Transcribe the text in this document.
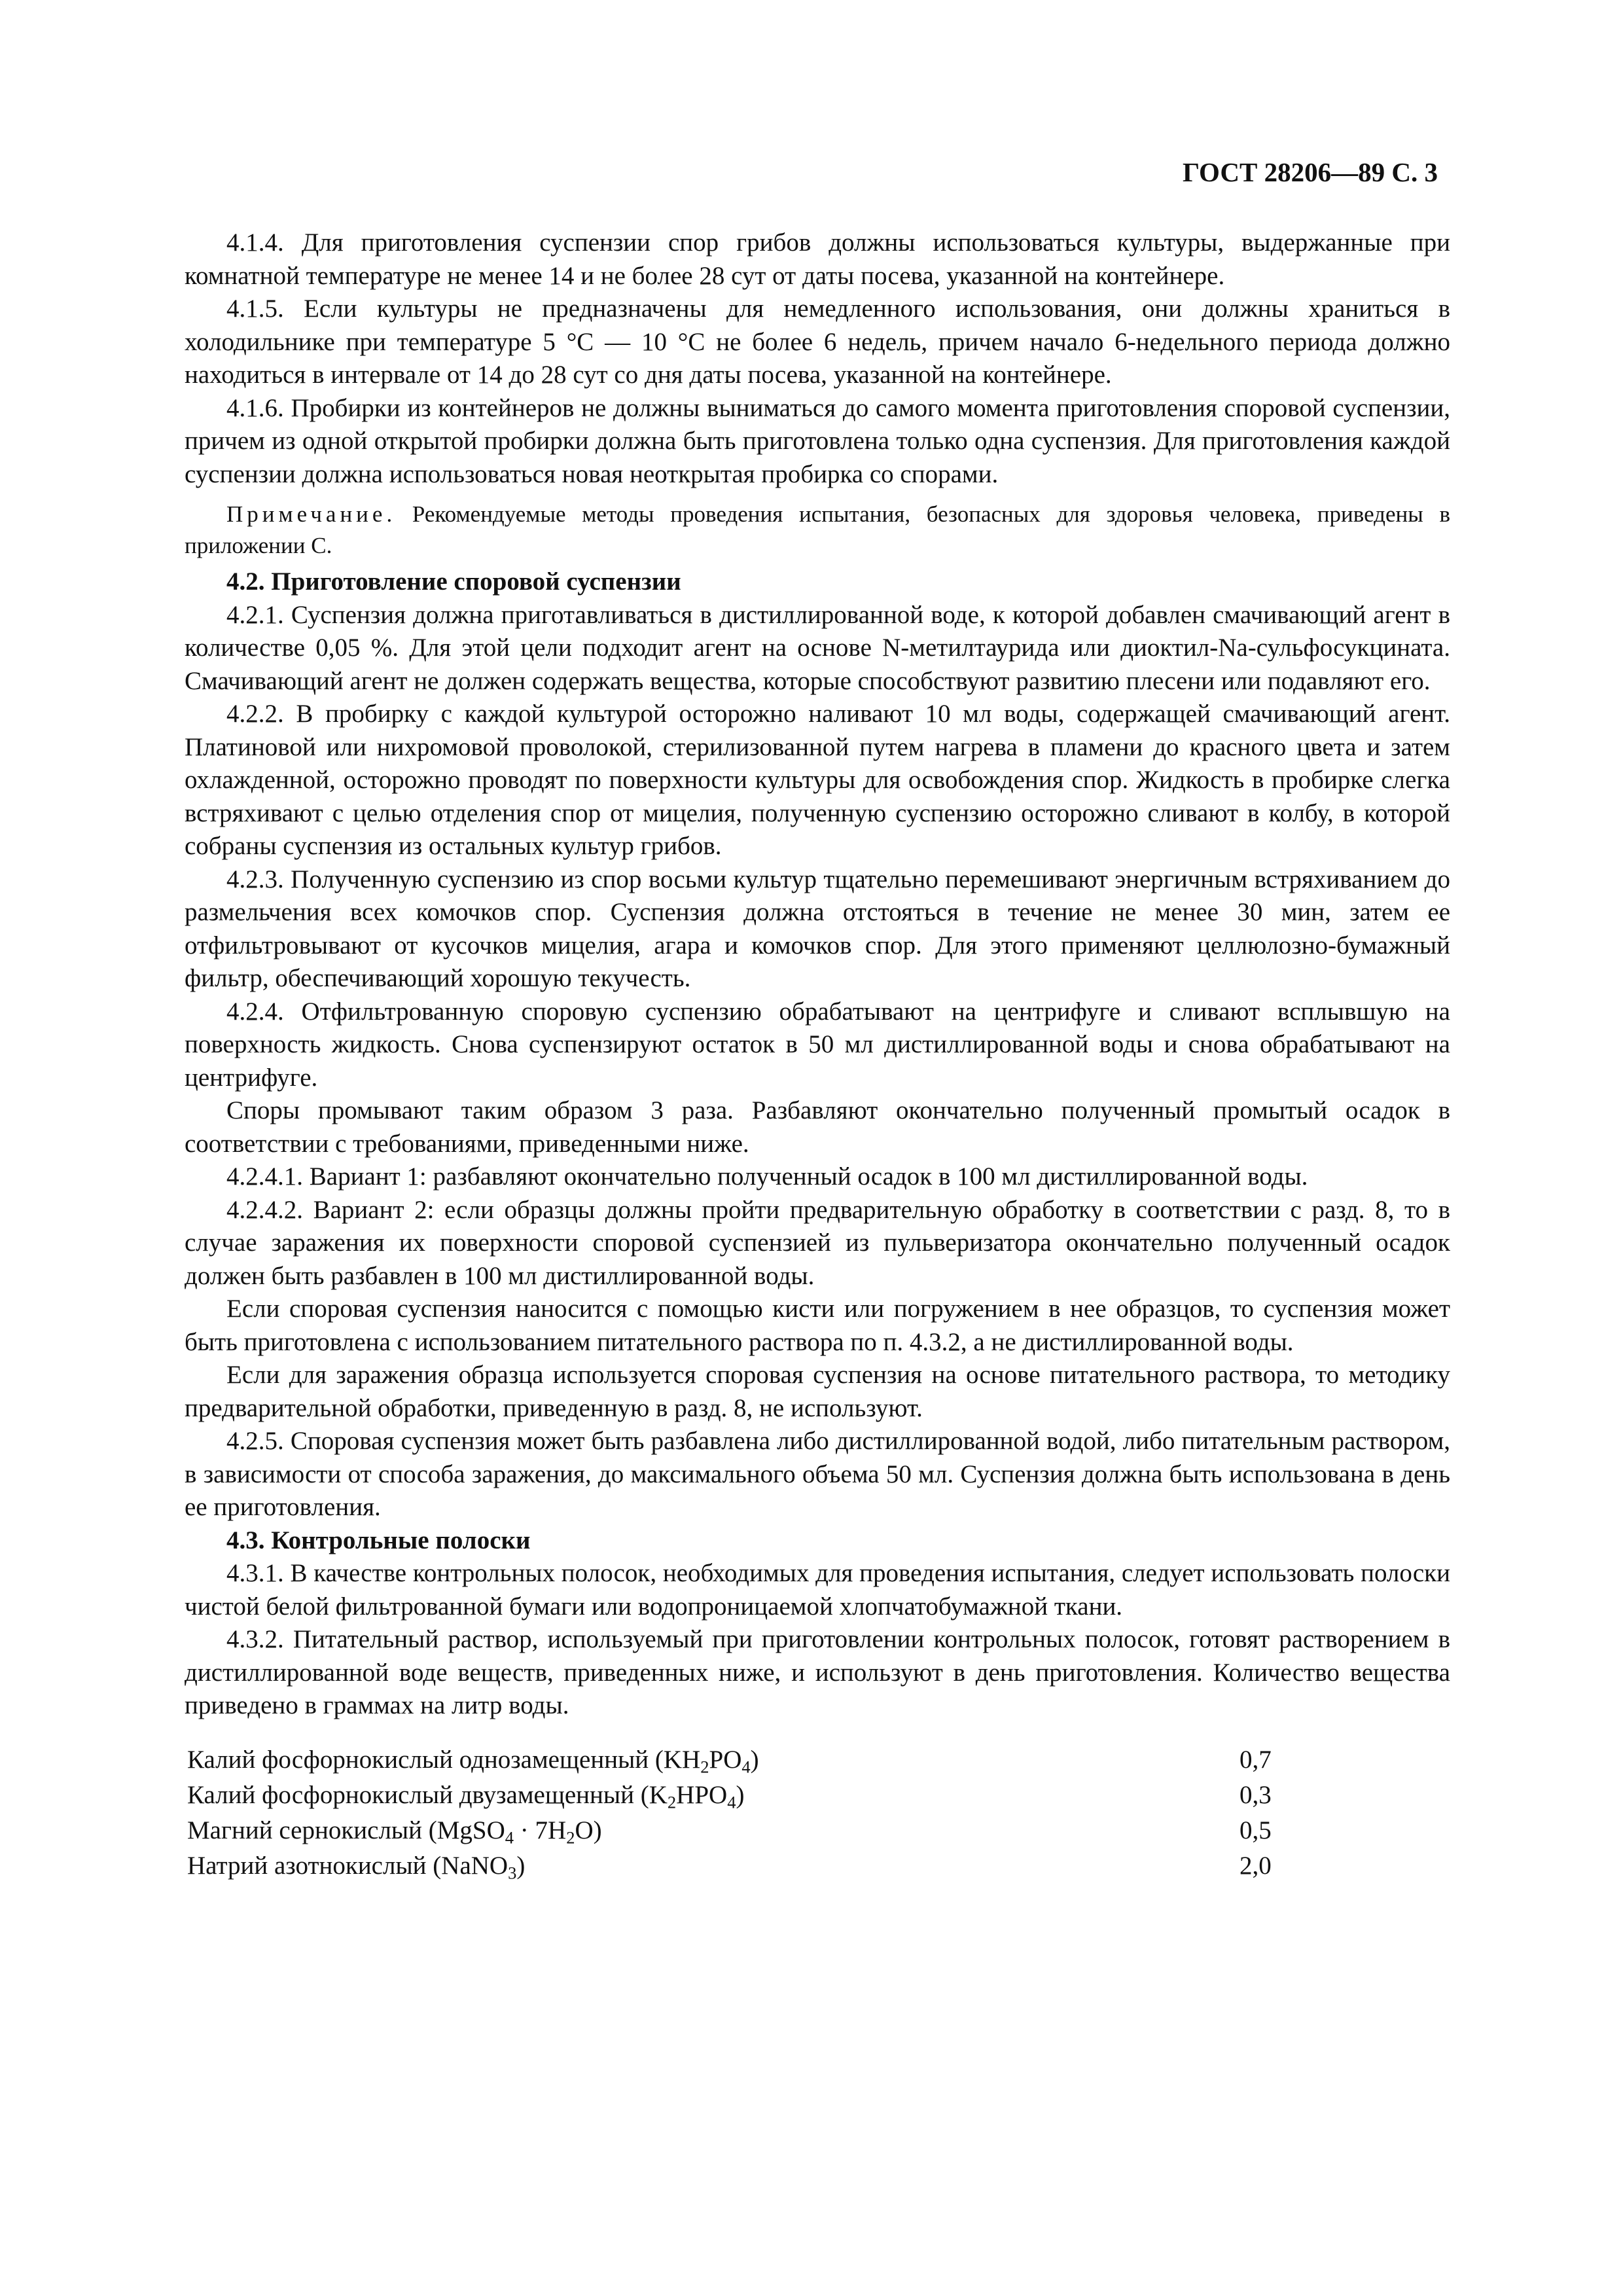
ГОСТ 28206—89 С. 3

4.1.4. Для приготовления суспензии спор грибов должны использоваться культуры, выдержанные при комнатной температуре не менее 14 и не более 28 сут от даты посева, указанной на контейнере.

4.1.5. Если культуры не предназначены для немедленного использования, они должны храниться в холодильнике при температуре 5 °С — 10 °С не более 6 недель, причем начало 6-недельного периода должно находиться в интервале от 14 до 28 сут со дня даты посева, указанной на контейнере.

4.1.6. Пробирки из контейнеров не должны выниматься до самого момента приготовления споровой суспензии, причем из одной открытой пробирки должна быть приготовлена только одна суспензия. Для приготовления каждой суспензии должна использоваться новая неоткрытая пробирка со спорами.

Примечание. Рекомендуемые методы проведения испытания, безопасных для здоровья человека, приведены в приложении С.

4.2. Приготовление споровой суспензии

4.2.1. Суспензия должна приготавливаться в дистиллированной воде, к которой добавлен смачивающий агент в количестве 0,05 %. Для этой цели подходит агент на основе N-метилтаурида или диоктил-Na-сульфосукцината. Смачивающий агент не должен содержать вещества, которые способствуют развитию плесени или подавляют его.

4.2.2. В пробирку с каждой культурой осторожно наливают 10 мл воды, содержащей смачивающий агент. Платиновой или нихромовой проволокой, стерилизованной путем нагрева в пламени до красного цвета и затем охлажденной, осторожно проводят по поверхности культуры для освобождения спор. Жидкость в пробирке слегка встряхивают с целью отделения спор от мицелия, полученную суспензию осторожно сливают в колбу, в которой собраны суспензия из остальных культур грибов.

4.2.3. Полученную суспензию из спор восьми культур тщательно перемешивают энергичным встряхиванием до размельчения всех комочков спор. Суспензия должна отстояться в течение не менее 30 мин, затем ее отфильтровывают от кусочков мицелия, агара и комочков спор. Для этого применяют целлюлозно-бумажный фильтр, обеспечивающий хорошую текучесть.

4.2.4. Отфильтрованную споровую суспензию обрабатывают на центрифуге и сливают всплывшую на поверхность жидкость. Снова суспензируют остаток в 50 мл дистиллированной воды и снова обрабатывают на центрифуге.

Споры промывают таким образом 3 раза. Разбавляют окончательно полученный промытый осадок в соответствии с требованиями, приведенными ниже.

4.2.4.1. Вариант 1: разбавляют окончательно полученный осадок в 100 мл дистиллированной воды.

4.2.4.2. Вариант 2: если образцы должны пройти предварительную обработку в соответствии с разд. 8, то в случае заражения их поверхности споровой суспензией из пульверизатора окончательно полученный осадок должен быть разбавлен в 100 мл дистиллированной воды.

Если споровая суспензия наносится с помощью кисти или погружением в нее образцов, то суспензия может быть приготовлена с использованием питательного раствора по п. 4.3.2, а не дистиллированной воды.

Если для заражения образца используется споровая суспензия на основе питательного раствора, то методику предварительной обработки, приведенную в разд. 8, не используют.

4.2.5. Споровая суспензия может быть разбавлена либо дистиллированной водой, либо питательным раствором, в зависимости от способа заражения, до максимального объема 50 мл. Суспензия должна быть использована в день ее приготовления.

4.3. Контрольные полоски

4.3.1. В качестве контрольных полосок, необходимых для проведения испытания, следует использовать полоски чистой белой фильтрованной бумаги или водопроницаемой хлопчатобумажной ткани.

4.3.2. Питательный раствор, используемый при приготовлении контрольных полосок, готовят растворением в дистиллированной воде веществ, приведенных ниже, и используют в день приготовления. Количество вещества приведено в граммах на литр воды.

Калий фосфорнокислый однозамещенный $(KH_2PO_4)$	0,7
Калий фосфорнокислый двузамещенный $(K_2HPO_4)$	0,3
Магний сернокислый (MgSO$_4$ · $7H_2O$)	0,5
Натрий азотнокислый (NaNO$_3$)	2,0
